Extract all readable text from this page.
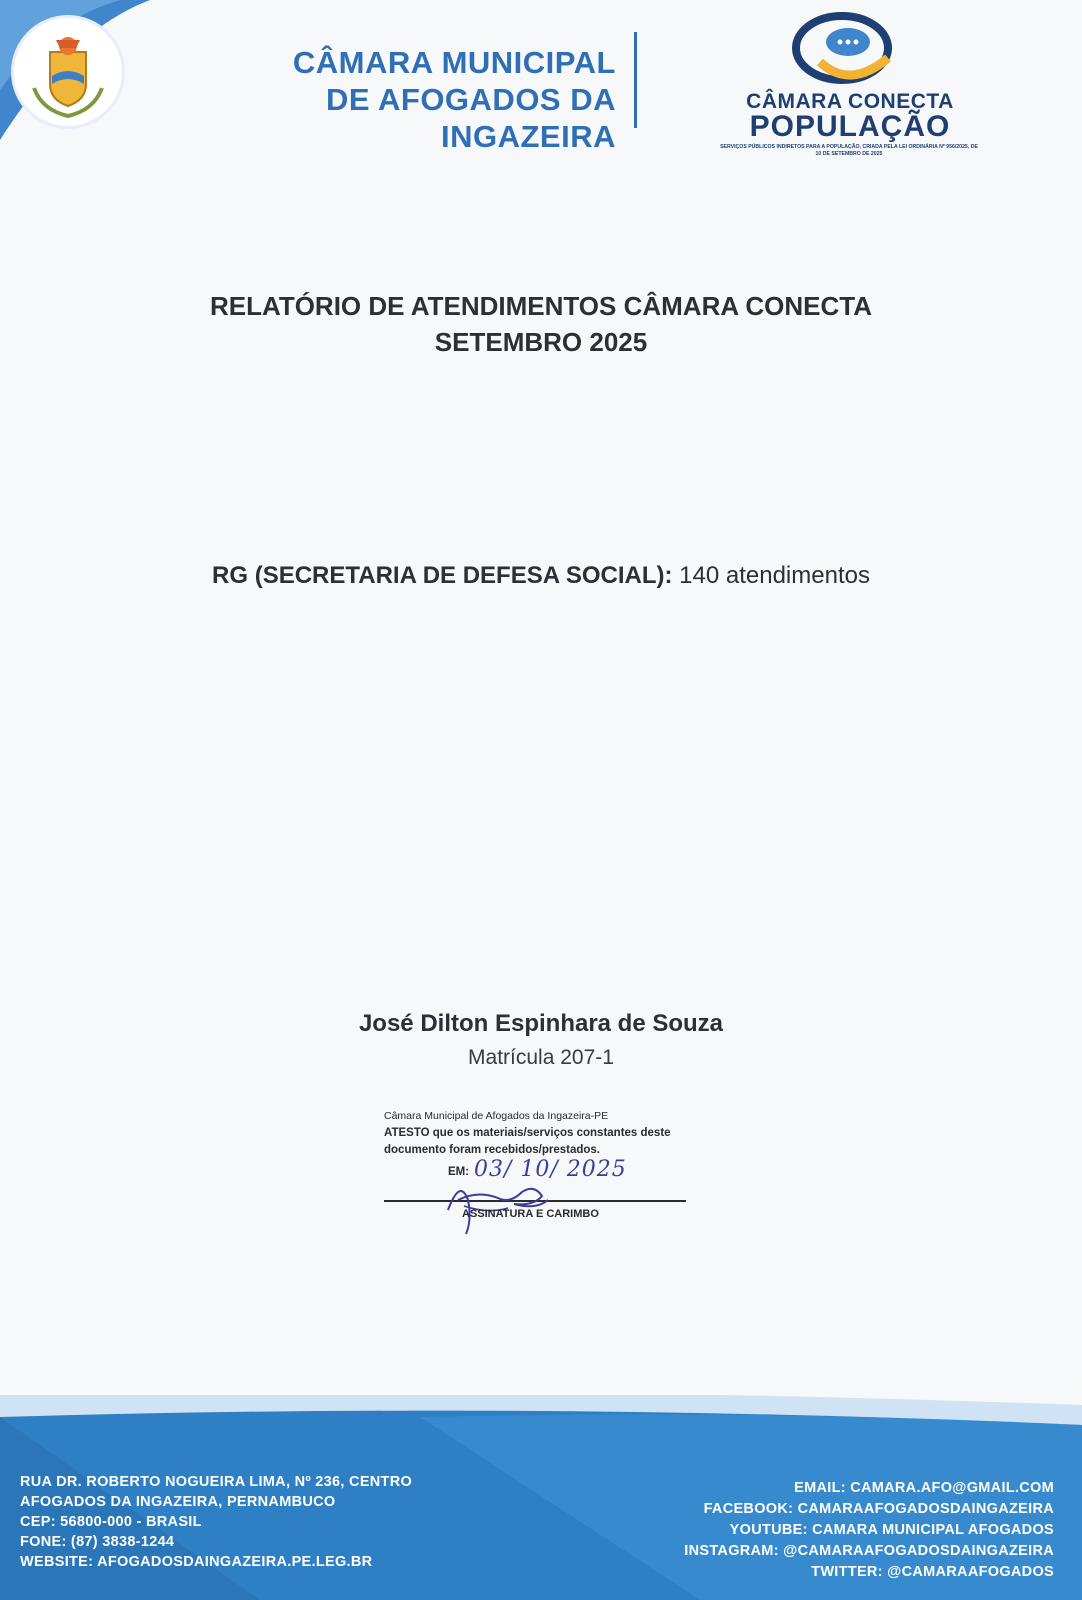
CÂMARA MUNICIPAL
DE AFOGADOS DA INGAZEIRA
CÂMARA CONECTA
POPULAÇÃO
SERVIÇOS PÚBLICOS INDIRETOS PARA A POPULAÇÃO, CRIADA PELA LEI ORDINÁRIA Nº 956/2025, DE 10 DE SETEMBRO DE 2025
RELATÓRIO DE ATENDIMENTOS CÂMARA CONECTA
SETEMBRO 2025
RG (SECRETARIA DE DEFESA SOCIAL): 140 atendimentos
José Dilton Espinhara de Souza
Matrícula 207-1
Câmara Municipal de Afogados da Ingazeira-PE
ATESTO que os materiais/serviços constantes deste
documento foram recebidos/prestados.
EM: 03/ 10/ 2025
ASSINATURA E CARIMBO
RUA DR. ROBERTO NOGUEIRA LIMA, Nº 236, CENTRO
AFOGADOS DA INGAZEIRA, PERNAMBUCO
CEP: 56800-000 - BRASIL
FONE: (87) 3838-1244
WEBSITE: AFOGADOSDAINGAZEIRA.PE.LEG.BR
EMAIL: CAMARA.AFO@GMAIL.COM
FACEBOOK: CAMARAAFOGADOSDAINGAZEIRA
YOUTUBE: CAMARA MUNICIPAL AFOGADOS
INSTAGRAM: @CAMARAAFOGADOSDAINGAZEIRA
TWITTER: @CAMARAAFOGADOS
